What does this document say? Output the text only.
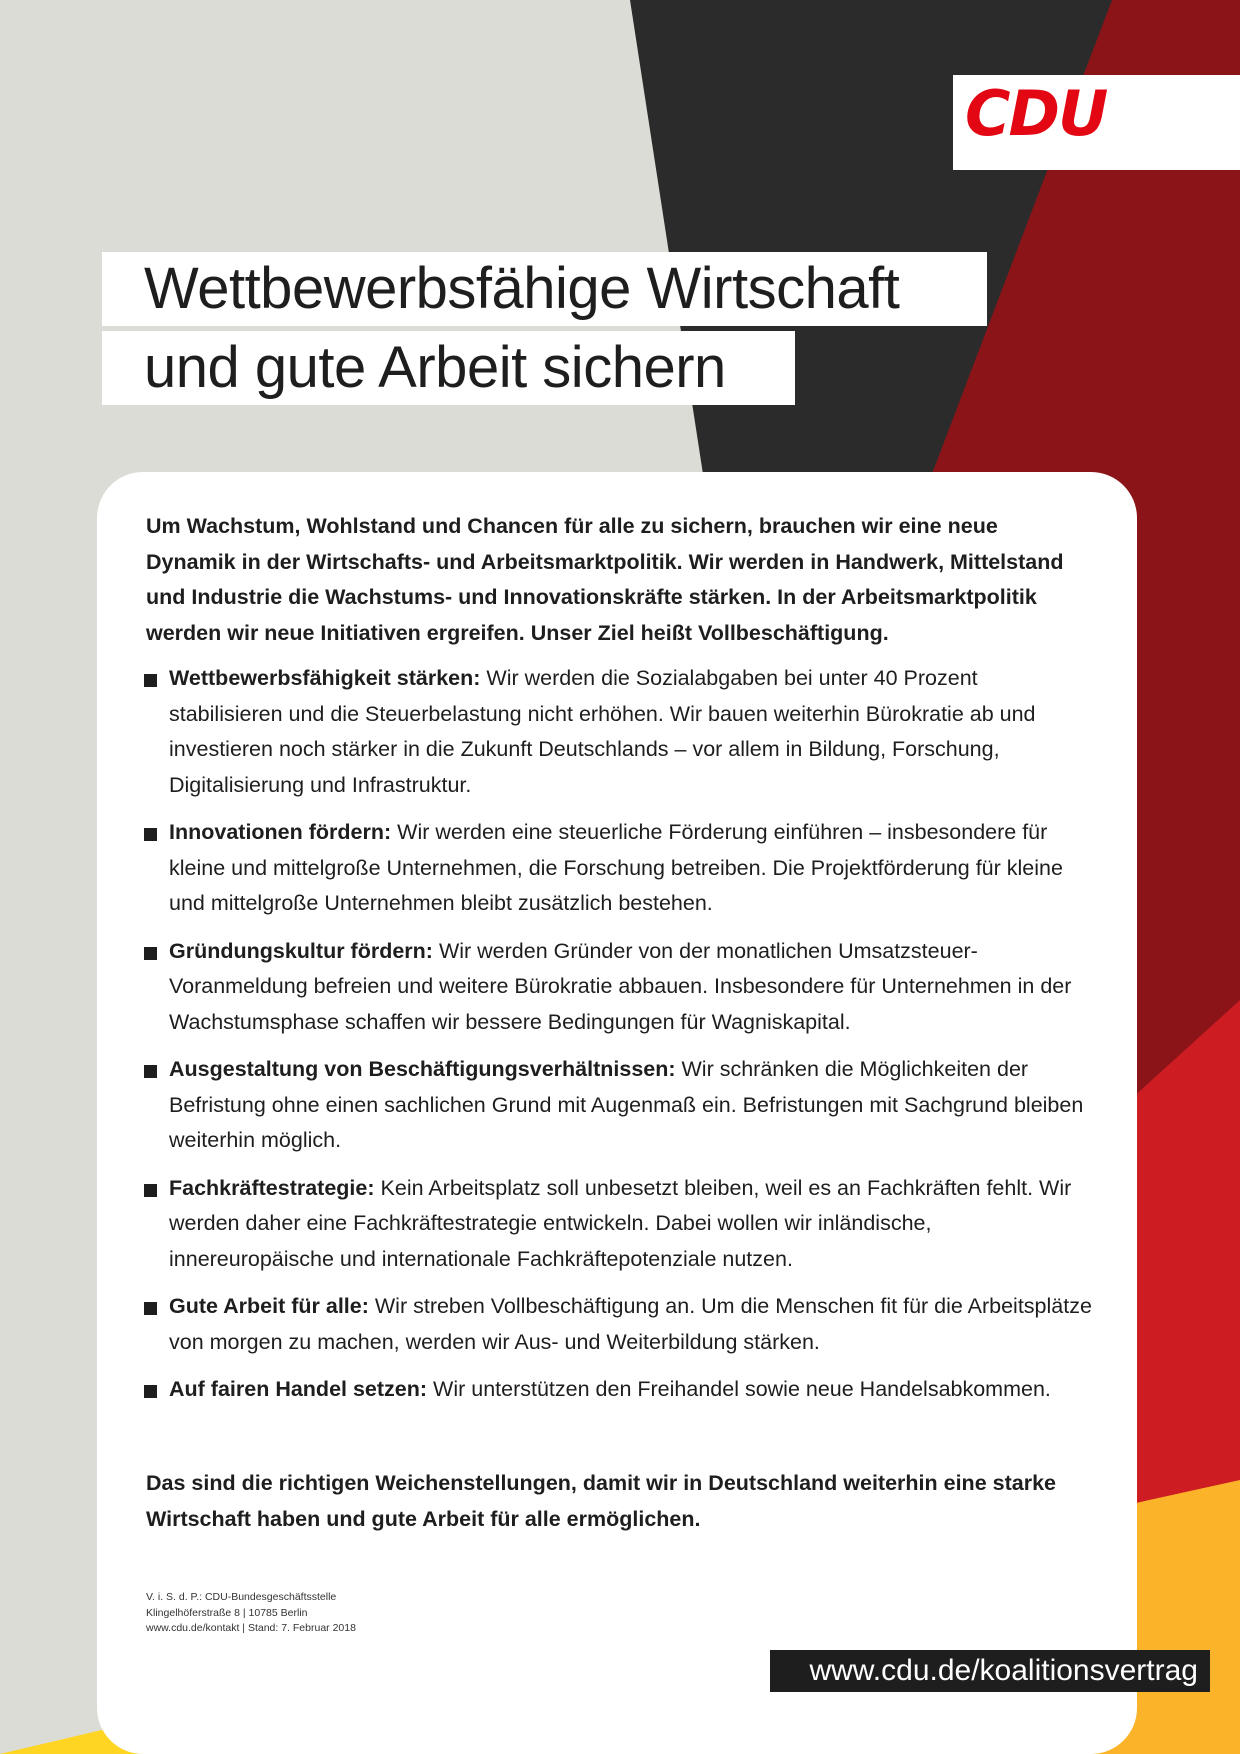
CDU
Wettbewerbsfähige Wirtschaft
und gute Arbeit sichern

Um Wachstum, Wohlstand und Chancen für alle zu sichern, brauchen wir eine neue Dynamik in der Wirtschafts- und Arbeitsmarktpolitik. Wir werden in Handwerk, Mittelstand und Industrie die Wachstums- und Innovationskräfte stärken. In der Arbeitsmarktpolitik werden wir neue Initiativen ergreifen. Unser Ziel heißt Vollbeschäftigung.

Wettbewerbsfähigkeit stärken: Wir werden die Sozialabgaben bei unter 40 Prozent stabilisieren und die Steuerbelastung nicht erhöhen. Wir bauen weiterhin Bürokratie ab und investieren noch stärker in die Zukunft Deutschlands – vor allem in Bildung, Forschung, Digitalisierung und Infrastruktur.
Innovationen fördern: Wir werden eine steuerliche Förderung einführen – insbesondere für kleine und mittelgroße Unternehmen, die Forschung betreiben. Die Projektförderung für kleine und mittelgroße Unternehmen bleibt zusätzlich bestehen.
Gründungskultur fördern: Wir werden Gründer von der monatlichen Umsatzsteuer-Voranmeldung befreien und weitere Bürokratie abbauen. Insbesondere für Unternehmen in der Wachstumsphase schaffen wir bessere Bedingungen für Wagniskapital.
Ausgestaltung von Beschäftigungsverhältnissen: Wir schränken die Möglichkeiten der Befristung ohne einen sachlichen Grund mit Augenmaß ein. Befristungen mit Sachgrund bleiben weiterhin möglich.
Fachkräftestrategie: Kein Arbeitsplatz soll unbesetzt bleiben, weil es an Fachkräften fehlt. Wir werden daher eine Fachkräftestrategie entwickeln. Dabei wollen wir inländische, innereuropäische und internationale Fachkräftepotenziale nutzen.
Gute Arbeit für alle: Wir streben Vollbeschäftigung an. Um die Menschen fit für die Arbeitsplätze von morgen zu machen, werden wir Aus- und Weiterbildung stärken.
Auf fairen Handel setzen: Wir unterstützen den Freihandel sowie neue Handelsabkommen.

Das sind die richtigen Weichenstellungen, damit wir in Deutschland weiterhin eine starke Wirtschaft haben und gute Arbeit für alle ermöglichen.

V. i. S. d. P.: CDU-Bundesgeschäftsstelle
Klingelhöferstraße 8 | 10785 Berlin
www.cdu.de/kontakt | Stand: 7. Februar 2018
www.cdu.de/koalitionsvertrag
